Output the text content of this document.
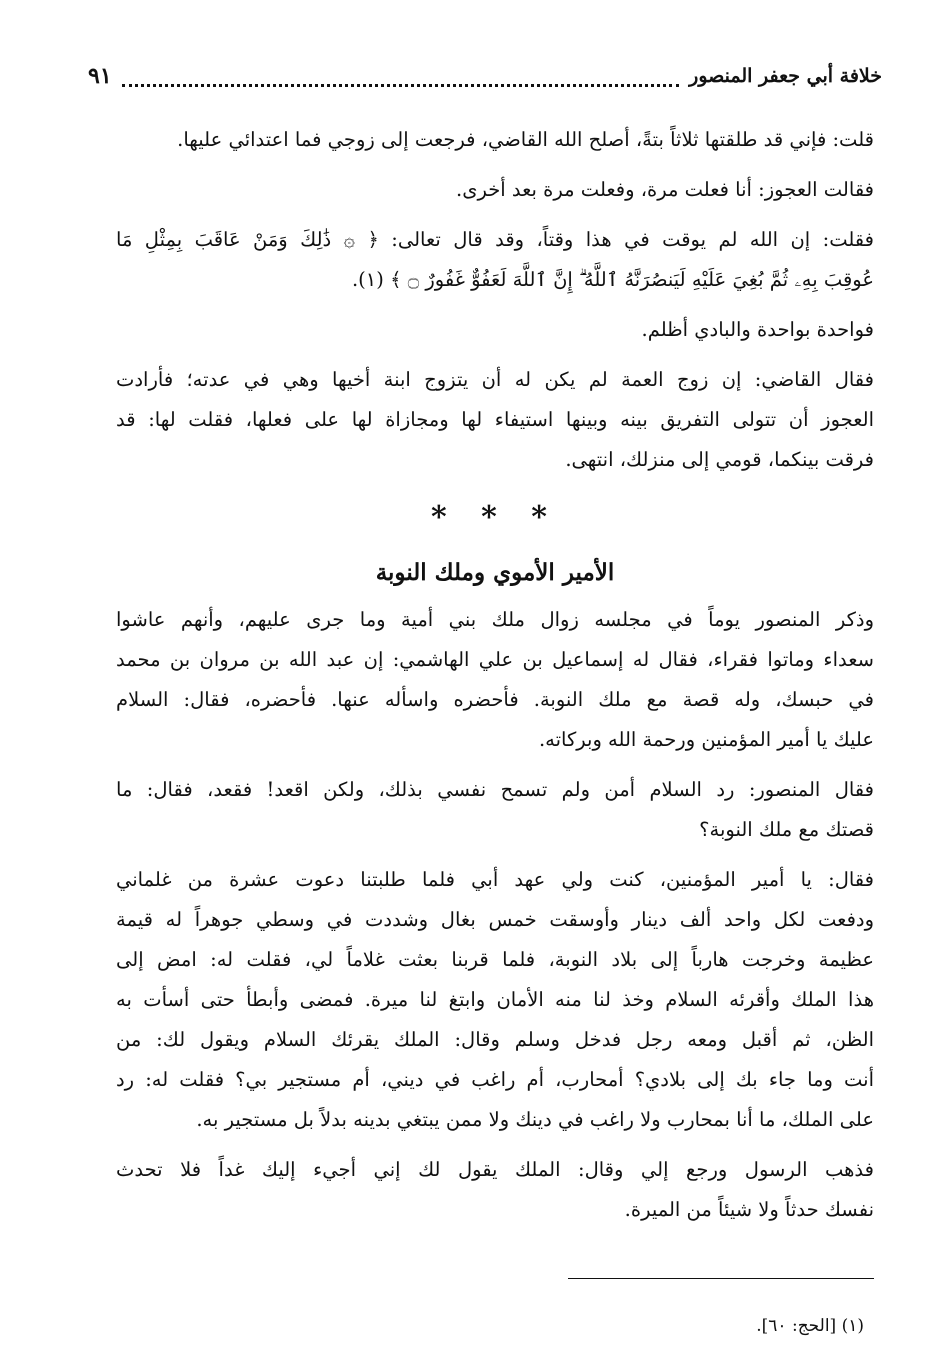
خلافة أبي جعفر المنصور
٩١
قلت: فإني قد طلقتها ثلاثاً بتةً، أصلح الله القاضي، فرجعت إلى زوجي فما اعتدائي عليها.
فقالت العجوز: أنا فعلت مرة، وفعلت مرة بعد أخرى.
فقلت: إن الله لم يوقت في هذا وقتاً، وقد قال تعالى: ﴿ ۞ ذَٰلِكَ وَمَنْ عَاقَبَ بِمِثْلِ مَا
عُوقِبَ بِهِۦ ثُمَّ بُغِيَ عَلَيْهِ لَيَنصُرَنَّهُ ٱللَّهُ ۗ إِنَّ ٱللَّهَ لَعَفُوٌّ غَفُورٌ ۝ ﴾ (١).
فواحدة بواحدة والبادي أظلم.
فقال القاضي: إن زوج العمة لم يكن له أن يتزوج ابنة أخيها وهي في عدته؛ فأرادت
العجوز أن تتولى التفريق بينه وبينها استيفاء لها ومجازاة لها على فعلها، فقلت لها: قد
فرقت بينكما، قومي إلى منزلك، انتهى.
* * *
الأمير الأموي وملك النوبة
وذكر المنصور يوماً في مجلسه زوال ملك بني أمية وما جرى عليهم، وأنهم عاشوا
سعداء وماتوا فقراء، فقال له إسماعيل بن علي الهاشمي: إن عبد الله بن مروان بن محمد
في حبسك، وله قصة مع ملك النوبة. فأحضره واسأله عنها. فأحضره، فقال: السلام
عليك يا أمير المؤمنين ورحمة الله وبركاته.
فقال المنصور: رد السلام أمن ولم تسمح نفسي بذلك، ولكن اقعد! فقعد، فقال: ما
قصتك مع ملك النوبة؟
فقال: يا أمير المؤمنين، كنت ولي عهد أبي فلما طلبتنا دعوت عشرة من غلماني
ودفعت لكل واحد ألف دينار وأوسقت خمس بغال وشددت في وسطي جوهراً له قيمة
عظيمة وخرجت هارباً إلى بلاد النوبة، فلما قربنا بعثت غلاماً لي، فقلت له: امض إلى
هذا الملك وأقرئه السلام وخذ لنا منه الأمان وابتغ لنا ميرة. فمضى وأبطأ حتى أسأت به
الظن، ثم أقبل ومعه رجل فدخل وسلم وقال: الملك يقرئك السلام ويقول لك: من
أنت وما جاء بك إلى بلادي؟ أمحارب، أم راغب في ديني، أم مستجير بي؟ فقلت له: رد
على الملك، ما أنا بمحارب ولا راغب في دينك ولا ممن يبتغي بدينه بدلاً بل مستجير به.
فذهب الرسول ورجع إلي وقال: الملك يقول لك إني أجيء إليك غداً فلا تحدث
نفسك حدثاً ولا شيئاً من الميرة.
(١) [الحج: ٦٠].
